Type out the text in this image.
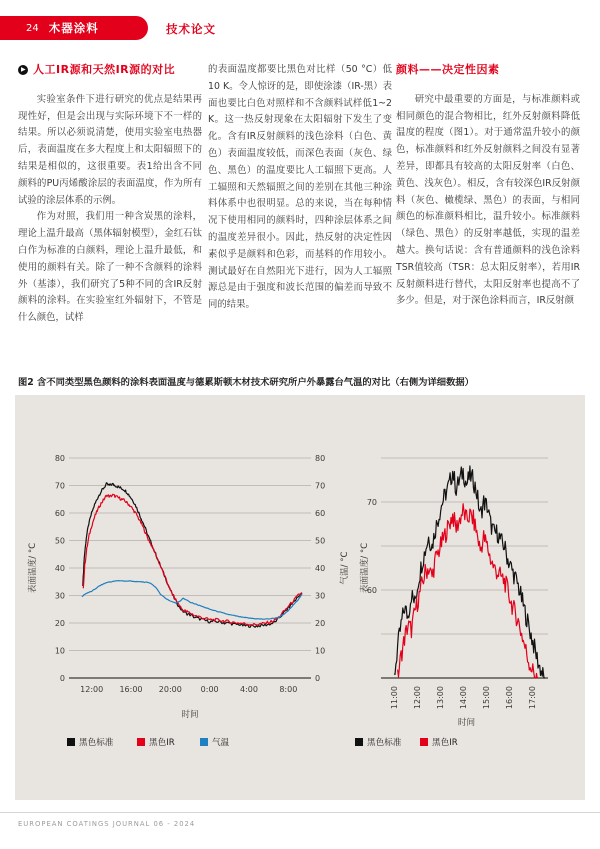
24 木器涂料	技术论文
▶ 人工IR源和天然IR源的对比

实验室条件下进行研究的优点是结果再现性好，但是会出现与实际环境下不一样的结果。所以必须说清楚，使用实验室电热器后，表面温度在多大程度上和太阳辐照下的结果是相似的，这很重要。表1给出含不同颜料的PU丙烯酸涂层的表面温度，作为所有试验的涂层体系的示例。

作为对照，我们用一种含炭黑的涂料，理论上温升最高（黑体辐射模型），金红石钛白作为标准的白颜料，理论上温升最低，和使用的颜料有关。除了一种不含颜料的涂料外（基漆），我们研究了5种不同的含IR反射颜料的涂料。在实验室红外辐射下，不管是什么颜色，试样

的表面温度都要比黑色对比样（50 °C）低10 K。令人惊讶的是，即使涂漆（IR-黑）表面也要比白色对照样和不含颜料试样低1~2 K。这一热反射现象在太阳辐射下发生了变化。含有IR反射颜料的浅色涂料（白色、黄色）表面温度较低，而深色表面（灰色、绿色、黑色）的温度要比人工辐照下更高。人工辐照和天然辐照之间的差别在其他三种涂料体系中也很明显。总的来说，当在每种情况下使用相同的颜料时，四种涂层体系之间的温度差异很小。因此，热反射的决定性因素似乎是颜料和色彩，而基料的作用较小。测试最好在自然阳光下进行，因为人工辐照源总是由于强度和波长范围的偏差而导致不同的结果。

颜料——决定性因素

研究中最重要的方面是，与标准颜料或相同颜色的混合物相比，红外反射颜料降低温度的程度（图1）。对于通常温升较小的颜色，标准颜料和红外反射颜料之间没有显著差异，即都具有较高的太阳反射率（白色、黄色、浅灰色）。相反，含有较深色IR反射颜料（灰色、橄榄绿、黑色）的表面，与相同颜色的标准颜料相比，温升较小。标准颜料（绿色、黑色）的反射率越低，实现的温差越大。换句话说：含有普通颜料的浅色涂料TSR值较高（TSR：总太阳反射率），若用IR反射颜料进行替代，太阳反射率也提高不了多少。但是，对于深色涂料而言，IR反射颜

图2 含不同类型黑色颜料的涂料表面温度与德累斯顿木材技术研究所户外暴露台气温的对比（右侧为详细数据）
0	0
10	10
20	20
30	30
40	40
50	50
60	60
70	70
80	80
12:00 16:00 20:00 0:00	4:00	8:00
表面温度/ °C	气温/ °C
时间
黑色标准	黑色IR	气温
60
70
11:00 12:00 13:00 14:00 15:00 16:00 17:00
表面温度/ °C
时间
黑色标准	黑色IR
EUROPEAN COATINGS JOURNAL 06 - 2024
